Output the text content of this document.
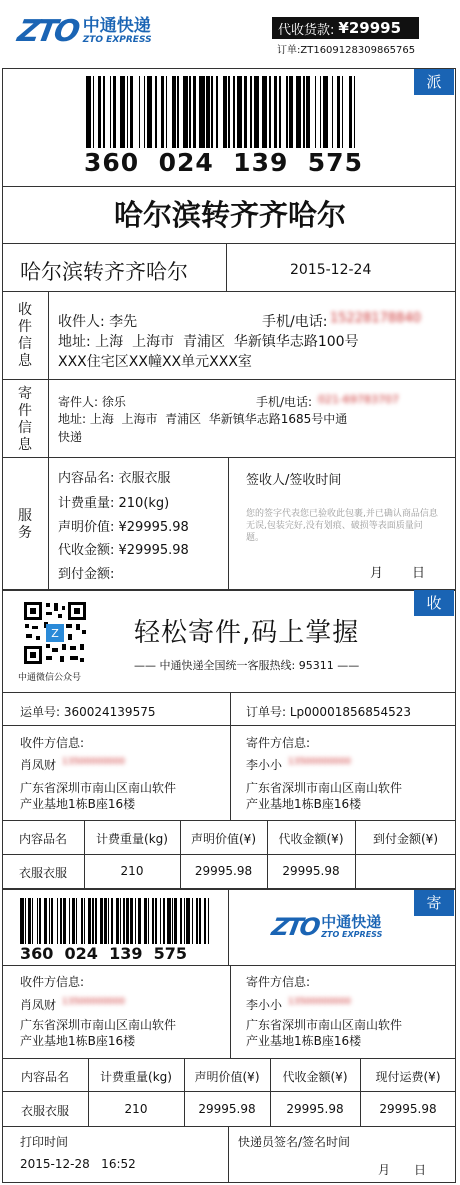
ZTO 中通快递
ZTO EXPRESS
代收货款: ¥29995
订单:ZT1609128309865765
派
360  024  139  575
哈尔滨转齐齐哈尔
哈尔滨转齐齐哈尔	2015-12-24
收件信息
收件人: 李先	手机/电话: 15228178840
地址: 上海  上海市  青浦区  华新镇华志路100号
XXX住宅区XX幢XX单元XXX室
寄件信息
寄件人: 徐乐	手机/电话: 021-69783707
地址: 上海  上海市  青浦区  华新镇华志路1685号中通
快递
服务
内容品名: 衣服衣服
计费重量: 210(kg)
声明价值: ¥29995.98
代收金额: ¥29995.98
到付金额:
签收人/签收时间
您的签字代表您已验收此包裹,并已确认商品信息无误,包装完好,没有划痕、破损等表面质量问题。
月 日
收
Z
中通微信公众号
轻松寄件,码上掌握
—— 中通快递全国统一客服热线: 95311 ——
运单号: 360024139575	订单号: Lp00001856854523
收件方信息:
肖凤财 13500000000
广东省深圳市南山区南山软件
产业基地1栋B座16楼
寄件方信息:
李小小 13500000000
广东省深圳市南山区南山软件
产业基地1栋B座16楼
内容品名	计费重量(kg)	声明价值(¥)	代收金额(¥)	到付金额(¥)
衣服衣服	210	29995.98	29995.98
寄
360  024  139  575
ZTO 中通快递
ZTO EXPRESS
收件方信息:
肖凤财 13500000000
广东省深圳市南山区南山软件
产业基地1栋B座16楼
寄件方信息:
李小小 13500000000
广东省深圳市南山区南山软件
产业基地1栋B座16楼
内容品名	计费重量(kg)	声明价值(¥)	代收金额(¥)	现付运费(¥)
衣服衣服	210	29995.98	29995.98	29995.98
打印时间
2015-12-28   16:52
快递员签名/签名时间
月 日
